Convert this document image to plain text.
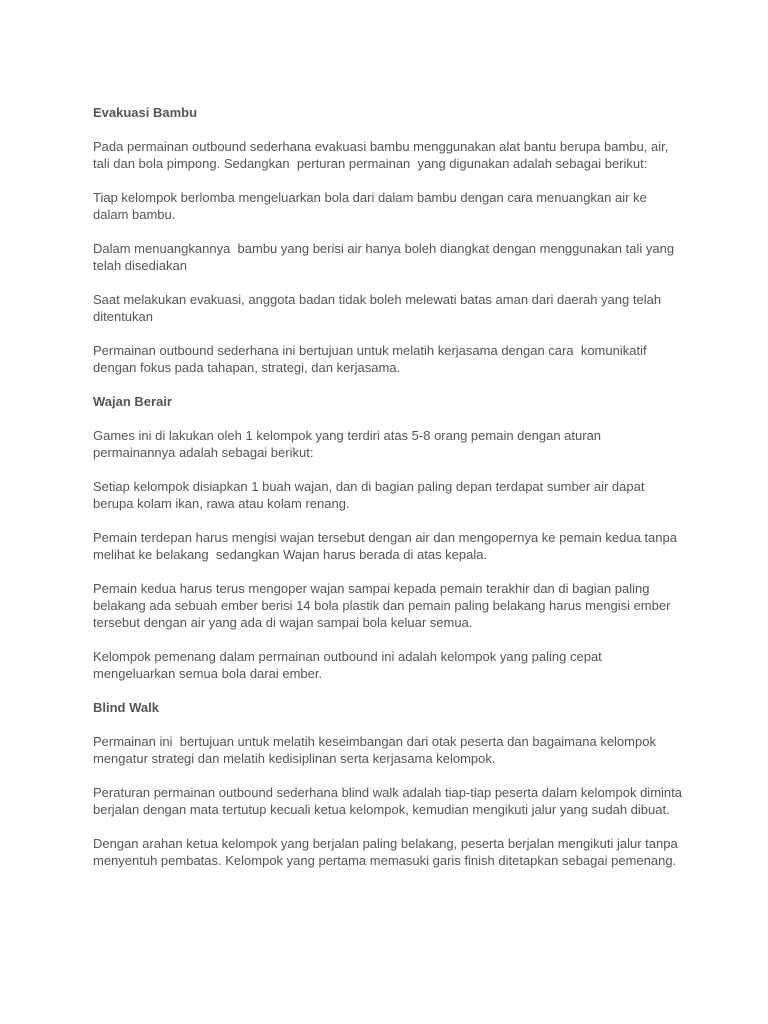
Evakuasi Bambu
Pada permainan outbound sederhana evakuasi bambu menggunakan alat bantu berupa bambu, air, tali dan bola pimpong. Sedangkan  perturan permainan  yang digunakan adalah sebagai berikut:
Tiap kelompok berlomba mengeluarkan bola dari dalam bambu dengan cara menuangkan air ke dalam bambu.
Dalam menuangkannya  bambu yang berisi air hanya boleh diangkat dengan menggunakan tali yang telah disediakan
Saat melakukan evakuasi, anggota badan tidak boleh melewati batas aman dari daerah yang telah ditentukan
Permainan outbound sederhana ini bertujuan untuk melatih kerjasama dengan cara  komunikatif dengan fokus pada tahapan, strategi, dan kerjasama.
Wajan Berair
Games ini di lakukan oleh 1 kelompok yang terdiri atas 5-8 orang pemain dengan aturan permainannya adalah sebagai berikut:
Setiap kelompok disiapkan 1 buah wajan, dan di bagian paling depan terdapat sumber air dapat berupa kolam ikan, rawa atau kolam renang.
Pemain terdepan harus mengisi wajan tersebut dengan air dan mengopernya ke pemain kedua tanpa melihat ke belakang  sedangkan Wajan harus berada di atas kepala.
Pemain kedua harus terus mengoper wajan sampai kepada pemain terakhir dan di bagian paling belakang ada sebuah ember berisi 14 bola plastik dan pemain paling belakang harus mengisi ember tersebut dengan air yang ada di wajan sampai bola keluar semua.
Kelompok pemenang dalam permainan outbound ini adalah kelompok yang paling cepat mengeluarkan semua bola darai ember.
Blind Walk
Permainan ini  bertujuan untuk melatih keseimbangan dari otak peserta dan bagaimana kelompok mengatur strategi dan melatih kedisiplinan serta kerjasama kelompok.
Peraturan permainan outbound sederhana blind walk adalah tiap-tiap peserta dalam kelompok diminta berjalan dengan mata tertutup kecuali ketua kelompok, kemudian mengikuti jalur yang sudah dibuat.
Dengan arahan ketua kelompok yang berjalan paling belakang, peserta berjalan mengikuti jalur tanpa menyentuh pembatas. Kelompok yang pertama memasuki garis finish ditetapkan sebagai pemenang.
